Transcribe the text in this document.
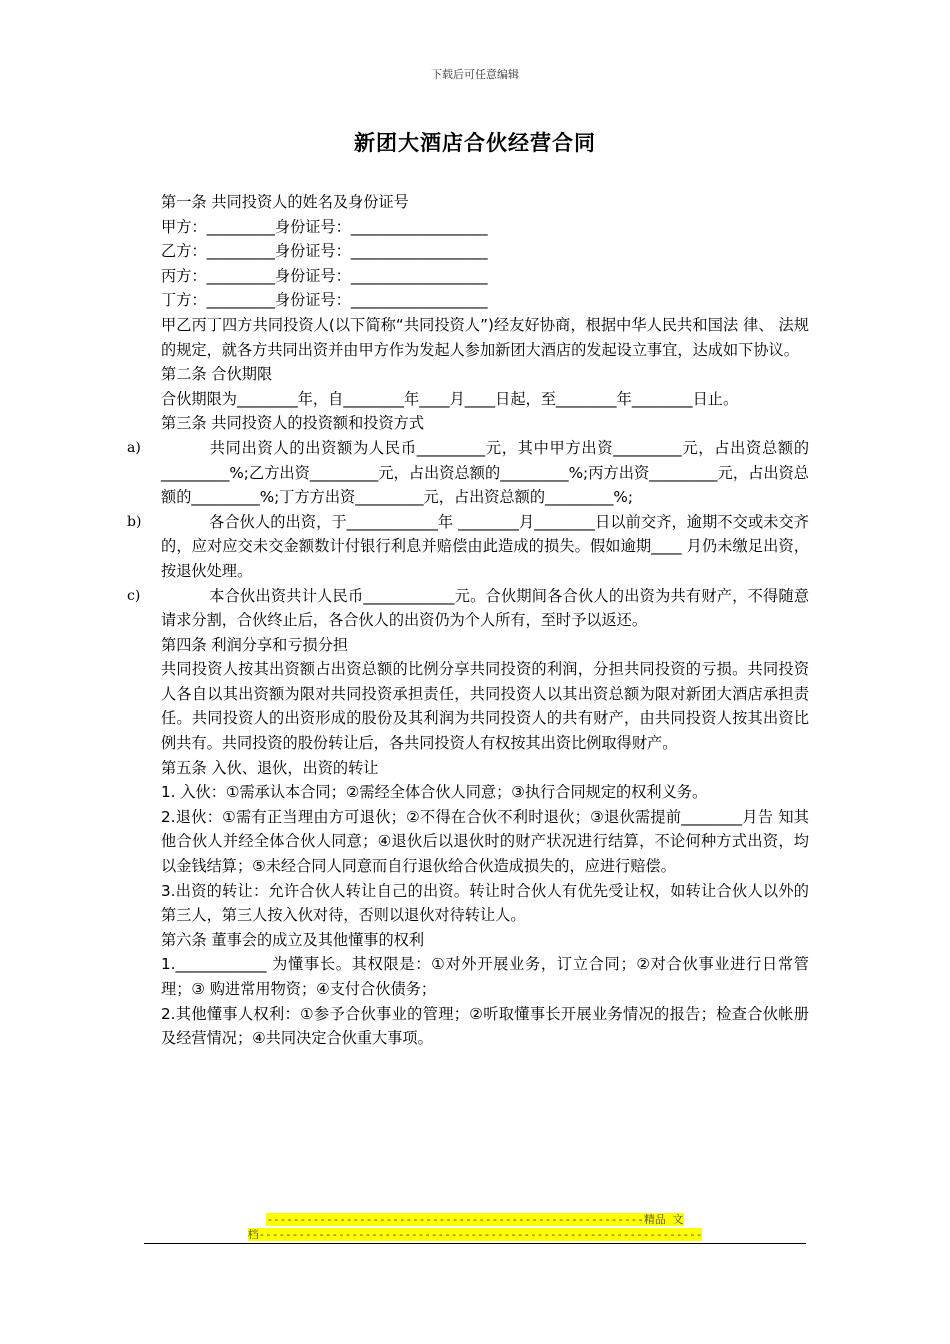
下载后可任意编辑
新团大酒店合伙经营合同

第一条 共同投资人的姓名及身份证号

甲方：_________身份证号：__________________

乙方：_________身份证号：__________________

丙方：_________身份证号：__________________

丁方：_________身份证号：__________________

甲乙丙丁四方共同投资人(以下简称“共同投资人”)经友好协商，根据中华人民共和国法 律、 法规的规定，就各方共同出资并由甲方作为发起人参加新团大酒店的发起设立事宜，达成如下协议。

第二条 合伙期限

合伙期限为________年，自________年____月____日起，至________年________日止。

第三条 共同投资人的投资额和投资方式

a)	共同出资人的出资额为人民币_________元，其中甲方出资_________元，占出资总额的 _________%;乙方出资_________元，占出资总额的_________%;丙方出资_________元，占出资总额的_________%;丁方方出资_________元，占出资总额的_________%;

b)	各合伙人的出资，于____________年 ________月________日以前交齐，逾期不交或未交齐的，应对应交未交金额数计付银行利息并赔偿由此造成的损失。假如逾期____ 月仍未缴足出资，按退伙处理。

c)	本合伙出资共计人民币____________元。合伙期间各合伙人的出资为共有财产，不得随意请求分割，合伙终止后，各合伙人的出资仍为个人所有，至时予以返还。

第四条 利润分享和亏损分担

共同投资人按其出资额占出资总额的比例分享共同投资的利润，分担共同投资的亏损。共同投资人各自以其出资额为限对共同投资承担责任，共同投资人以其出资总额为限对新团大酒店承担责任。共同投资人的出资形成的股份及其利润为共同投资人的共有财产，由共同投资人按其出资比例共有。共同投资的股份转让后，各共同投资人有权按其出资比例取得财产。

第五条 入伙、退伙，出资的转让

1. 入伙：①需承认本合同；②需经全体合伙人同意；③执行合同规定的权利义务。

2.退伙：①需有正当理由方可退伙；②不得在合伙不利时退伙；③退伙需提前________月告 知其他合伙人并经全体合伙人同意；④退伙后以退伙时的财产状况进行结算，不论何种方式出资，均以金钱结算；⑤未经合同人同意而自行退伙给合伙造成损失的，应进行赔偿。

3.出资的转让：允许合伙人转让自己的出资。转让时合伙人有优先受让权，如转让合伙人以外的第三人，第三人按入伙对待，否则以退伙对待转让人。

第六条 董事会的成立及其他懂事的权利

1.____________ 为懂事长。其权限是：①对外开展业务，订立合同；②对合伙事业进行日常管理；③ 购进常用物资；④支付合伙债务；

2.其他懂事人权利：①参予合伙事业的管理；②听取懂事长开展业务情况的报告；检查合伙帐册及经营情况；④共同决定合伙重大事项。

---------------------------------------------------------精品 文
档-------------------------------------------------------------------
